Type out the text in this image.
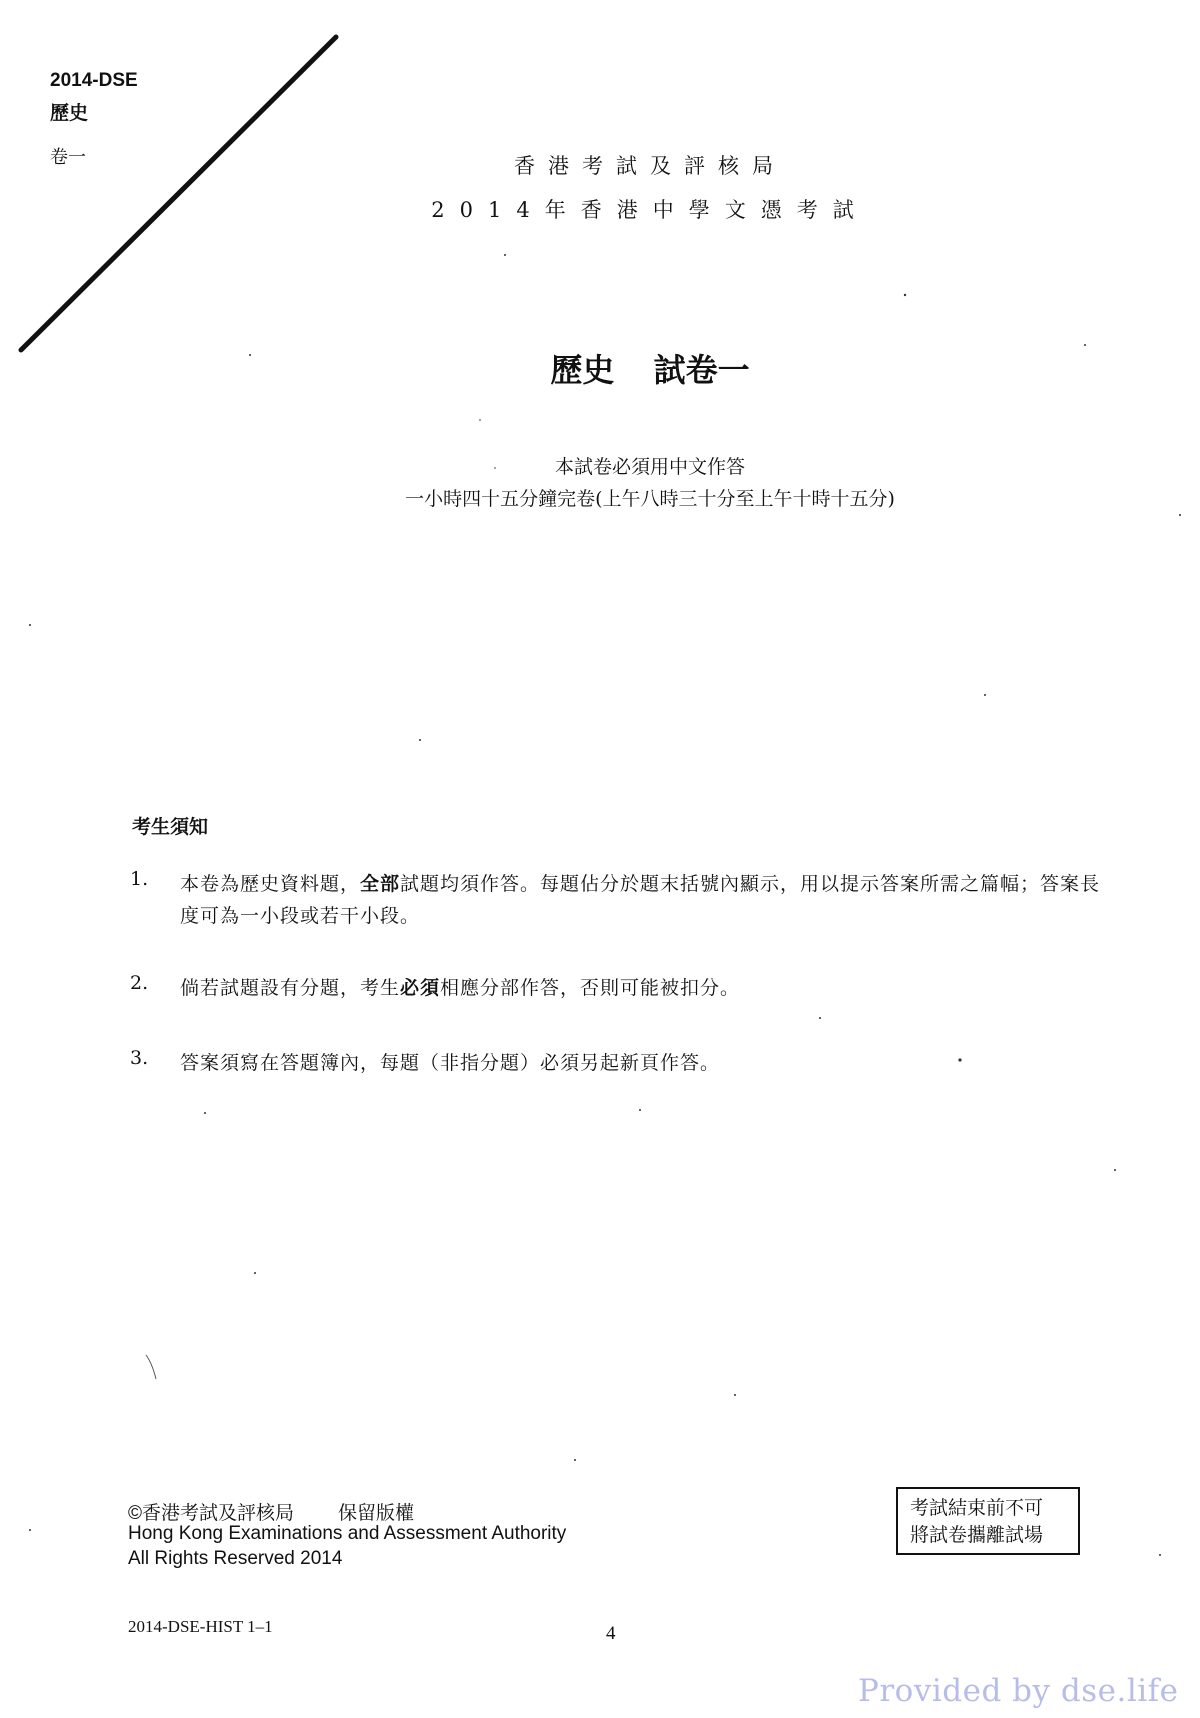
2014-DSE
歷史
卷一	香港考試及評核局
2014年香港中學文憑考試
歷史 試卷一
本試卷必須用中文作答
一小時四十五分鐘完卷(上午八時三十分至上午十時十五分)
考生須知
1.	本卷為歷史資料題，全部試題均須作答。每題佔分於題末括號內顯示，用以提示答案所需之篇幅；答案長度可為一小段或若干小段。
2.	倘若試題設有分題，考生必須相應分部作答，否則可能被扣分。
3.	答案須寫在答題簿內，每題（非指分題）必須另起新頁作答。
©香港考試及評核局 保留版權
Hong Kong Examinations and Assessment Authority
All Rights Reserved 2014
考試結束前不可
將試卷攜離試場
2014-DSE-HIST 1–1	4
Provided by dse.life
